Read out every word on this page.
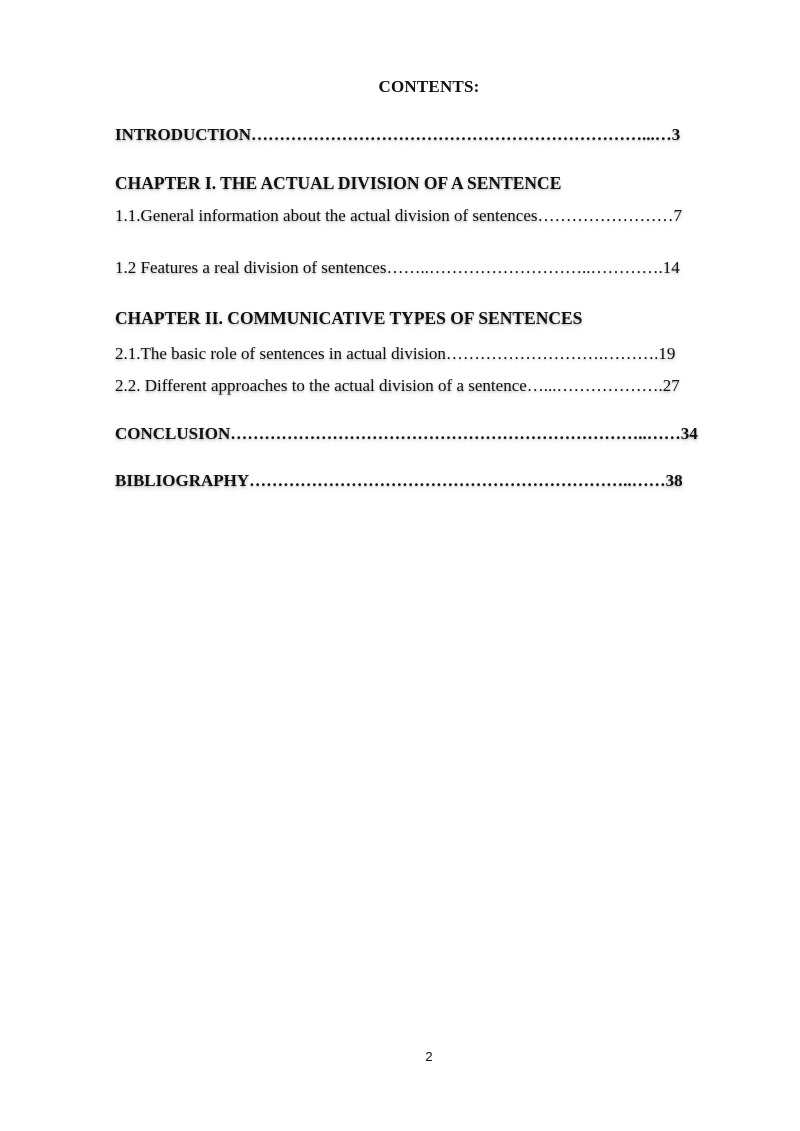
CONTENTS:
INTRODUCTION……………………………………………………………...…3
CHAPTER I. THE ACTUAL DIVISION OF A SENTENCE
1.1.General information about the actual division of sentences……………………7
1.2 Features a real division of sentences……..………………………..………….14
CHAPTER II. COMMUNICATIVE TYPES OF SENTENCES
2.1.The basic role of sentences in actual division……………………….……….19
2.2. Different approaches to the actual division of a sentence…...……………….27
CONCLUSION………………………………………………………………..……34
BIBLIOGRAPHY…………………………………………………………..……38
2
